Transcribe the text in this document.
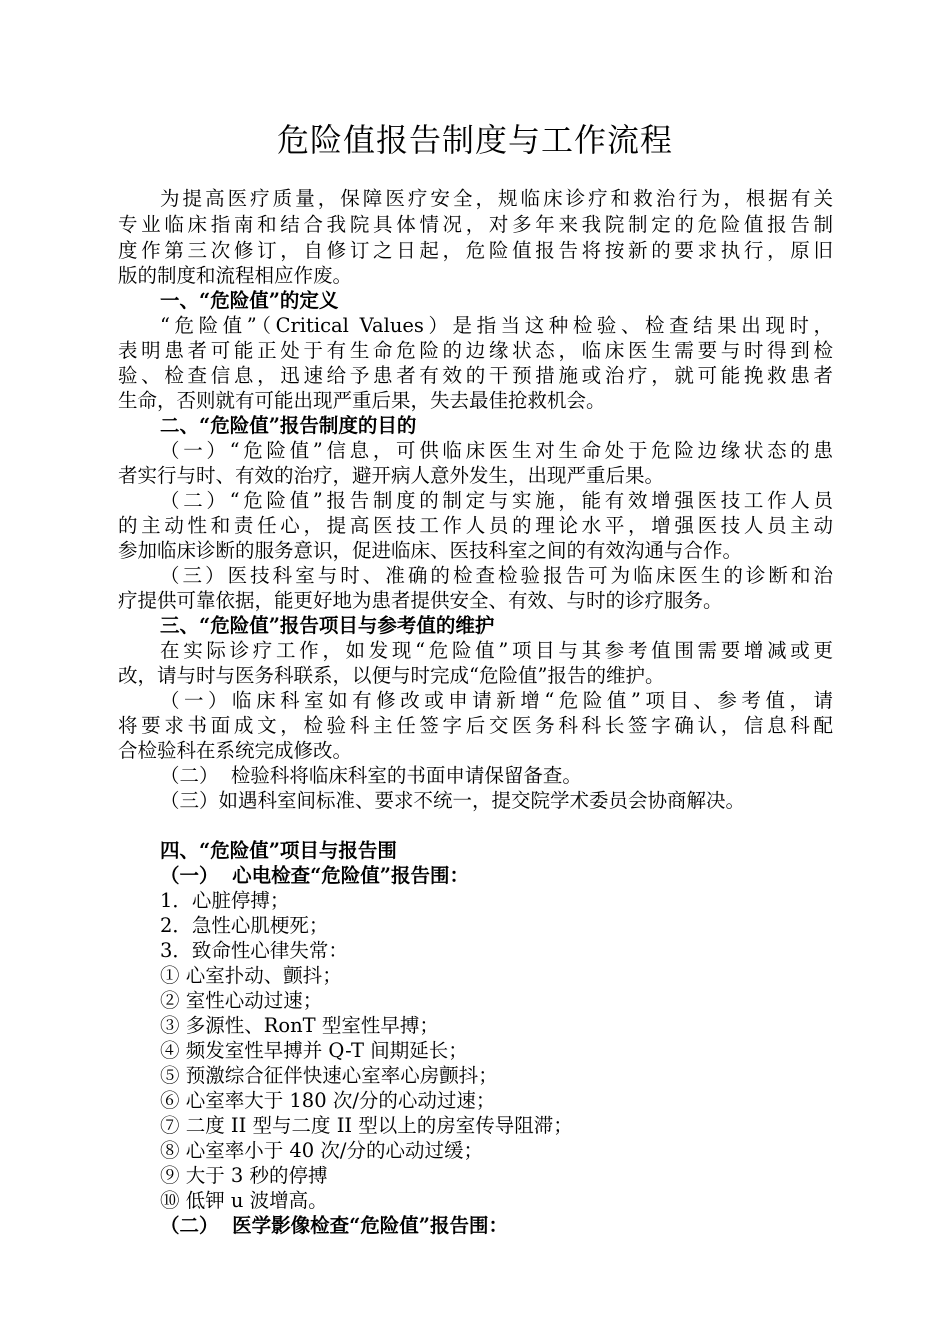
危险值报告制度与工作流程
为提高医疗质量，保障医疗安全，规临床诊疗和救治行为，根据有关
专业临床指南和结合我院具体情况，对多年来我院制定的危险值报告制
度作第三次修订，自修订之日起，危险值报告将按新的要求执行，原旧
版的制度和流程相应作废。
一、“危险值”的定义
“危险值”（Critical Values）是指当这种检验、检查结果出现时，
表明患者可能正处于有生命危险的边缘状态，临床医生需要与时得到检
验、检查信息，迅速给予患者有效的干预措施或治疗，就可能挽救患者
生命，否则就有可能出现严重后果，失去最佳抢救机会。
二、“危险值”报告制度的目的
（一）“危险值”信息，可供临床医生对生命处于危险边缘状态的患
者实行与时、有效的治疗，避开病人意外发生，出现严重后果。
（二）“危险值”报告制度的制定与实施，能有效增强医技工作人员
的主动性和责任心，提高医技工作人员的理论水平，增强医技人员主动
参加临床诊断的服务意识，促进临床、医技科室之间的有效沟通与合作。
（三）医技科室与时、准确的检查检验报告可为临床医生的诊断和治
疗提供可靠依据，能更好地为患者提供安全、有效、与时的诊疗服务。
三、“危险值”报告项目与参考值的维护
在实际诊疗工作，如发现“危险值”项目与其参考值围需要增减或更
改，请与时与医务科联系，以便与时完成“危险值”报告的维护。
（一）临床科室如有修改或申请新增“危险值”项目、参考值，请
将要求书面成文，检验科主任签字后交医务科科长签字确认，信息科配
合检验科在系统完成修改。
（二）  检验科将临床科室的书面申请保留备查。
（三）如遇科室间标准、要求不统一，提交院学术委员会协商解决。
四、“危险值”项目与报告围
（一）  心电检查“危险值”报告围：
1．心脏停搏；
2．急性心肌梗死；
3．致命性心律失常：
① 心室扑动、颤抖；
② 室性心动过速；
③ 多源性、RonT 型室性早搏；
④ 频发室性早搏并 Q-T 间期延长；
⑤ 预激综合征伴快速心室率心房颤抖；
⑥ 心室率大于 180 次/分的心动过速；
⑦ 二度 II 型与二度 II 型以上的房室传导阻滞；
⑧ 心室率小于 40 次/分的心动过缓；
⑨ 大于 3 秒的停搏
⑩ 低钾 u 波增高。
（二）  医学影像检查“危险值”报告围：
